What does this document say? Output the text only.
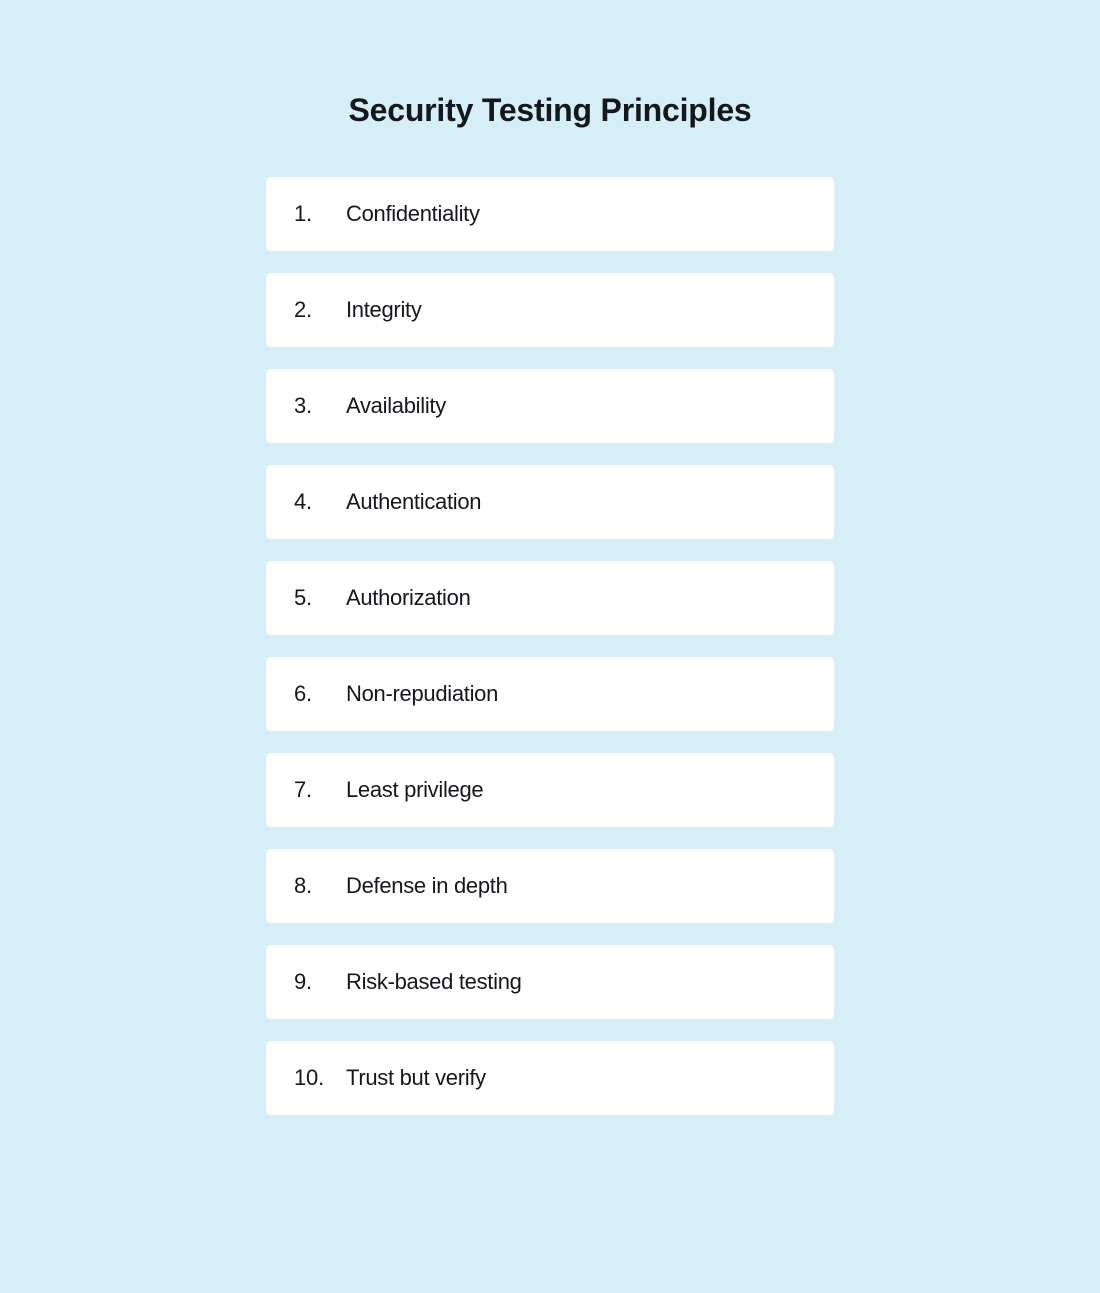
Security Testing Principles
1.	Confidentiality
2.	Integrity
3.	Availability
4.	Authentication
5.	Authorization
6.	Non-repudiation
7.	Least privilege
8.	Defense in depth
9.	Risk-based testing
10.	Trust but verify
